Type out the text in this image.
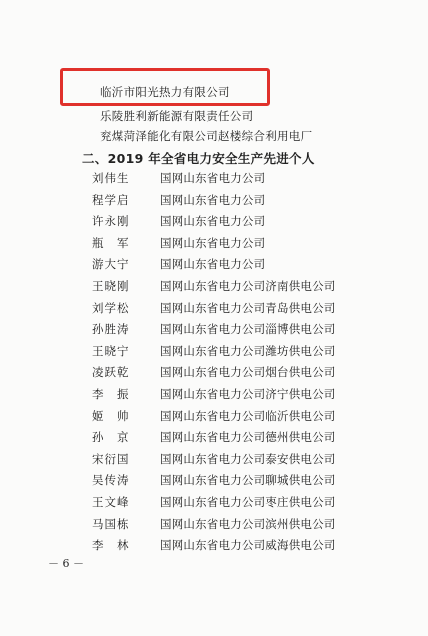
临沂市阳光热力有限公司
乐陵胜利新能源有限责任公司
兖煤菏泽能化有限公司赵楼综合利用电厂
二、2019 年全省电力安全生产先进个人
刘伟生	国网山东省电力公司
程学启	国网山东省电力公司
许永刚	国网山东省电力公司
瓶　军	国网山东省电力公司
游大宁	国网山东省电力公司
王晓刚	国网山东省电力公司济南供电公司
刘学松	国网山东省电力公司青岛供电公司
孙胜涛	国网山东省电力公司淄博供电公司
王晓宁	国网山东省电力公司潍坊供电公司
凌跃乾	国网山东省电力公司烟台供电公司
李　振	国网山东省电力公司济宁供电公司
姬　帅	国网山东省电力公司临沂供电公司
孙　京	国网山东省电力公司德州供电公司
宋衍国	国网山东省电力公司泰安供电公司
吴传涛	国网山东省电力公司聊城供电公司
王文峰	国网山东省电力公司枣庄供电公司
马国栋	国网山东省电力公司滨州供电公司
李　林	国网山东省电力公司威海供电公司
－ 6 －
